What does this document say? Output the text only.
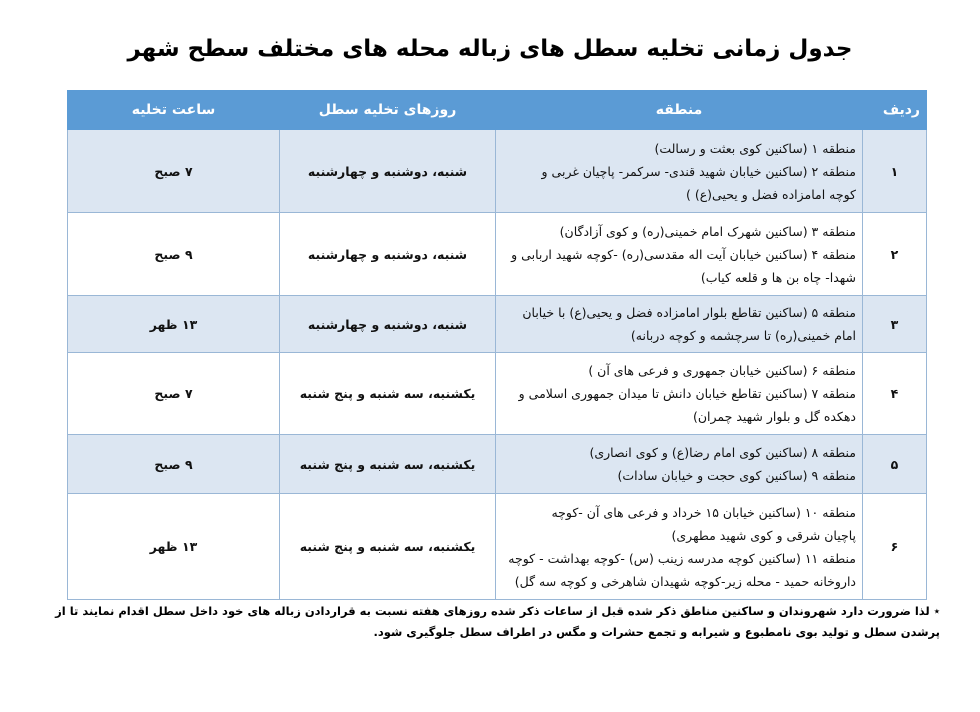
جدول زمانی تخلیه سطل های زباله محله های مختلف سطح شهر
ردیف	منطقه	روزهای تخلیه سطل	ساعت تخلیه
۱	منطقه ۱ (ساکنین کوی بعثت و رسالت)
منطقه ۲ (ساکنین خیابان شهید قندی- سرکمر- پاچیان غربی و
کوچه امامزاده فضل و یحیی(ع) )	شنبه، دوشنبه و چهارشنبه	۷ صبح
۲	منطقه ۳ (ساکنین شهرک امام خمینی(ره) و کوی آزادگان)
منطقه ۴ (ساکنین خیابان آیت اله مقدسی(ره) -کوچه شهید اربابی و
شهدا- چاه بن ها و قلعه کیاب)	شنبه، دوشنبه و چهارشنبه	۹ صبح
۳	منطقه ۵ (ساکنین تقاطع بلوار امامزاده فضل و یحیی(ع) با خیابان
امام خمینی(ره) تا سرچشمه و کوچه دربانه)	شنبه، دوشنبه و چهارشنبه	۱۳ ظهر
۴	منطقه ۶ (ساکنین خیابان جمهوری و فرعی های آن )
منطقه ۷ (ساکنین تقاطع خیابان دانش تا میدان جمهوری اسلامی و
دهکده گل و بلوار شهید چمران)	یکشنبه، سه شنبه و پنج شنبه	۷ صبح
۵	منطقه ۸ (ساکنین کوی امام رضا(ع) و کوی انصاری)
منطقه ۹ (ساکنین کوی حجت و خیابان سادات)	یکشنبه، سه شنبه و پنج شنبه	۹ صبح
۶	منطقه ۱۰ (ساکنین خیابان ۱۵ خرداد و فرعی های آن -کوچه
پاچیان شرقی و کوی شهید مطهری)
منطقه ۱۱ (ساکنین کوچه مدرسه زینب (س) -کوچه بهداشت - کوچه
داروخانه حمید - محله زیر-کوچه شهیدان شاهرخی و کوچه سه گل)	یکشنبه، سه شنبه و پنج شنبه	۱۳ ظهر
٭ لذا ضرورت دارد شهروندان و ساکنین مناطق ذکر شده قبل از ساعات ذکر شده روزهای هفته نسبت به قراردادن زباله های خود داخل سطل اقدام نمایند تا از
پرشدن سطل و تولید بوی نامطبوع و شیرابه و تجمع حشرات و مگس در اطراف سطل جلوگیری شود.
